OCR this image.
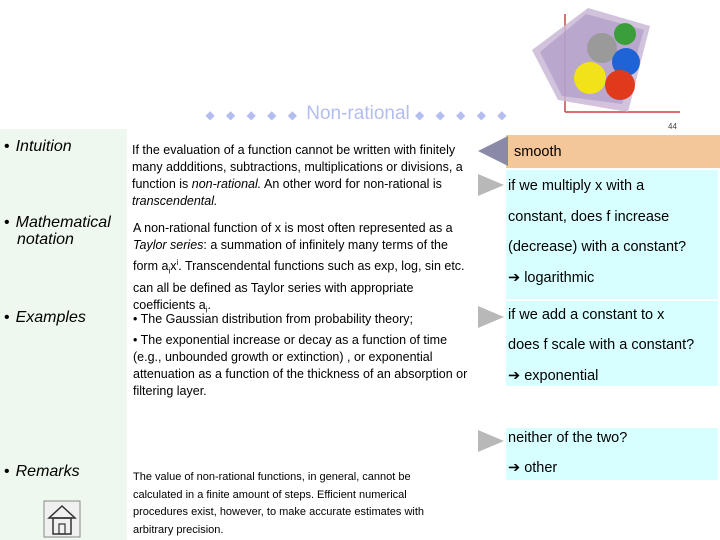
◆ ◆ ◆ ◆ ◆ Non-rational ◆ ◆ ◆ ◆ ◆
44
• Intuition
• Mathematical
notation
• Examples
• Remarks
If the evaluation of a function cannot be written with finitely many addditions, subtractions, multiplications or divisions, a function is non-rational. An other word for non-rational is transcendental.
A non-rational function of x is most often represented as a Taylor series: a summation of infinitely many terms of the form $a_ix^i$. Transcendental functions such as exp, log, sin etc. can all be defined as Taylor series with appropriate coefficients $a_i$.
• The Gaussian distribution from probability theory;
• The exponential increase or decay as a function of time (e.g., unbounded growth or extinction) , or exponential attenuation as a function of the thickness of an absorption or filtering layer.
The value of non-rational functions, in general, cannot be calculated in a finite amount of steps. Efficient numerical procedures exist, however, to make accurate estimates with arbitrary precision.
smooth
if we multiply x with a
constant, does f increase
(decrease) with a constant?
➔ logarithmic
if we add a constant to x
does f scale with a constant?
➔ exponential
neither of the two?
➔ other
